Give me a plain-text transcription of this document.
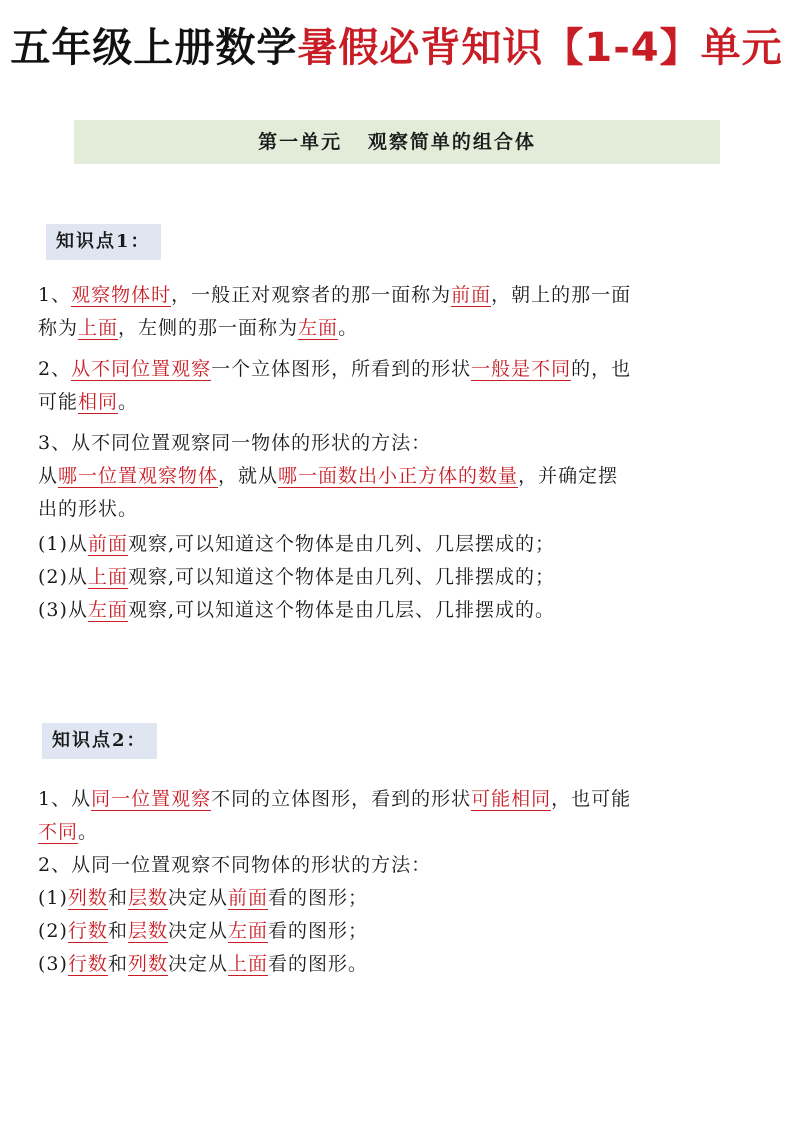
五年级上册数学暑假必背知识【1-4】单元
第一单元   观察简单的组合体
知识点1：

1、观察物体时，一般正对观察者的那一面称为前面，朝上的那一面

称为上面，左侧的那一面称为左面。

2、从不同位置观察一个立体图形，所看到的形状一般是不同的，也

可能相同。

3、从不同位置观察同一物体的形状的方法：

从哪一位置观察物体，就从哪一面数出小正方体的数量，并确定摆

出的形状。

(1)从前面观察,可以知道这个物体是由几列、几层摆成的；

(2)从上面观察,可以知道这个物体是由几列、几排摆成的；

(3)从左面观察,可以知道这个物体是由几层、几排摆成的。

知识点2：

1、从同一位置观察不同的立体图形，看到的形状可能相同，也可能

不同。

2、从同一位置观察不同物体的形状的方法：

(1)列数和层数决定从前面看的图形；

(2)行数和层数决定从左面看的图形；

(3)行数和列数决定从上面看的图形。
